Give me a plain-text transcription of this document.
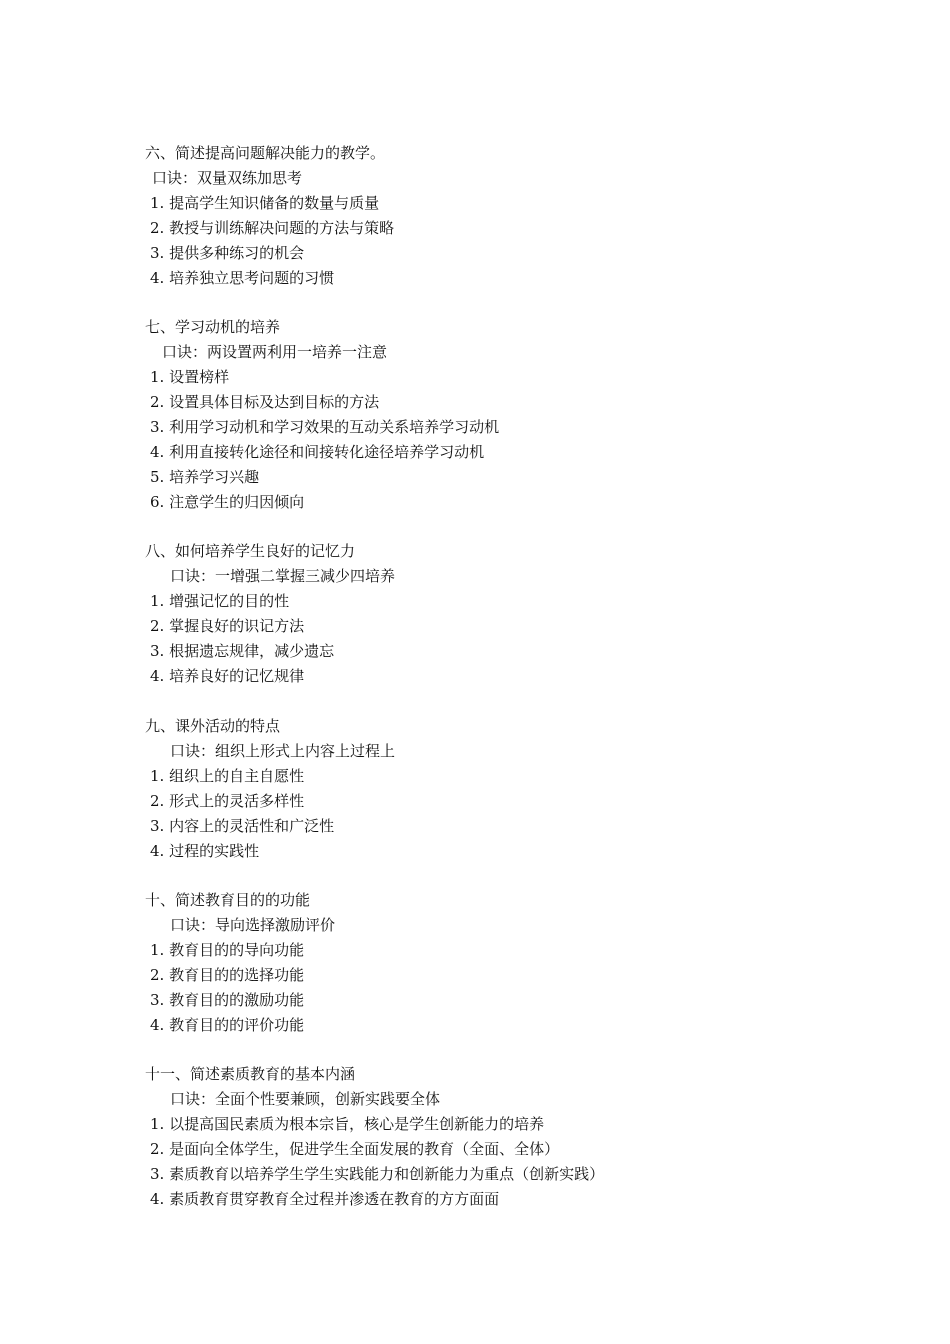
六、简述提高问题解决能力的教学。
口诀：双量双练加思考
1. 提高学生知识储备的数量与质量
2. 教授与训练解决问题的方法与策略
3. 提供多种练习的机会
4. 培养独立思考问题的习惯
七、学习动机的培养
口诀：两设置两利用一培养一注意
1. 设置榜样
2. 设置具体目标及达到目标的方法
3. 利用学习动机和学习效果的互动关系培养学习动机
4. 利用直接转化途径和间接转化途径培养学习动机
5. 培养学习兴趣
6. 注意学生的归因倾向
八、如何培养学生良好的记忆力
口诀：一增强二掌握三减少四培养
1. 增强记忆的目的性
2. 掌握良好的识记方法
3. 根据遗忘规律，减少遗忘
4. 培养良好的记忆规律
九、课外活动的特点
口诀：组织上形式上内容上过程上
1. 组织上的自主自愿性
2. 形式上的灵活多样性
3. 内容上的灵活性和广泛性
4. 过程的实践性
十、简述教育目的的功能
口诀：导向选择激励评价
1. 教育目的的导向功能
2. 教育目的的选择功能
3. 教育目的的激励功能
4. 教育目的的评价功能
十一、简述素质教育的基本内涵
口诀：全面个性要兼顾，创新实践要全体
1. 以提高国民素质为根本宗旨，核心是学生创新能力的培养
2. 是面向全体学生，促进学生全面发展的教育（全面、全体）
3. 素质教育以培养学生学生实践能力和创新能力为重点（创新实践）
4. 素质教育贯穿教育全过程并渗透在教育的方方面面
